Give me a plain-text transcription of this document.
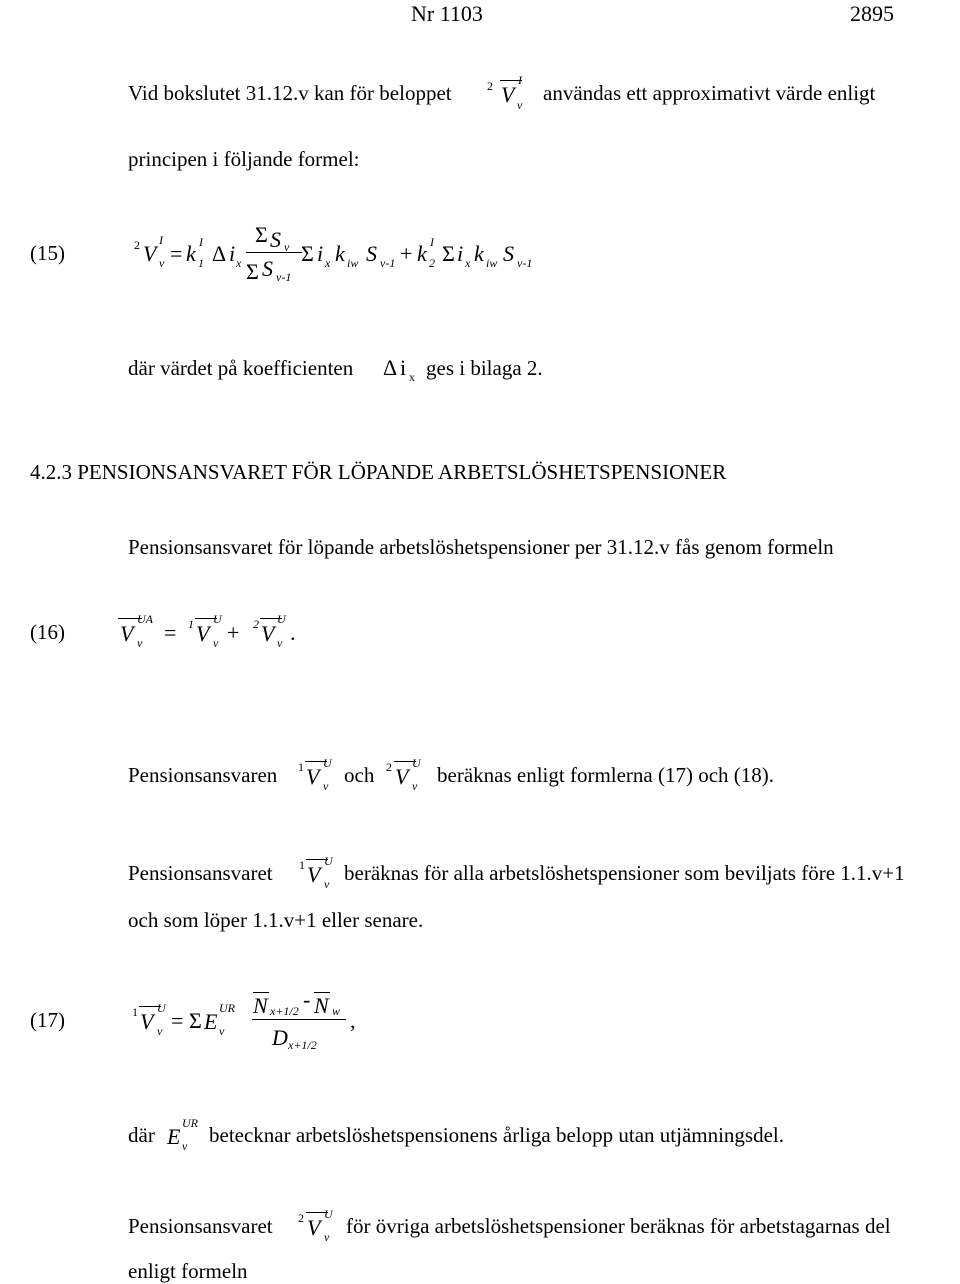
Nr 1103	2895
Vid bokslutet 31.12.v kan för beloppet	2 V
I
v användas ett approximativt värde enligt
principen i följande formel:
(15)	2 V
I
v = k I
1 Δ i x
Σ S v
Σ S v-1
Σ i x k iw S v-1 + k I
2 Σ i x k iw S v-1
där värdet på koefficienten Δ i x ges i bilaga 2.
4.2.3 PENSIONSANSVARET FÖR LÖPANDE ARBETSLÖSHETSPENSIONER
Pensionsansvaret för löpande arbetslöshetspensioner per 31.12.v fås genom formeln
(16)	V
UA
v = 1 V
U
v + 2 V
U
v .
Pensionsansvaren 1 V
U
v och 2 V
U
v beräknas enligt formlerna (17) och (18).
Pensionsansvaret 1 V
U
v beräknas för alla arbetslöshetspensioner som beviljats före 1.1.v+1
och som löper 1.1.v+1 eller senare.
(17)	1 V
U
v = Σ E
UR
v
N x+1/2 - N w
D x+1/2
,
där E
UR
v betecknar arbetslöshetspensionens årliga belopp utan utjämningsdel.
Pensionsansvaret 2 V
U
v för övriga arbetslöshetspensioner beräknas för arbetstagarnas del
enligt formeln
